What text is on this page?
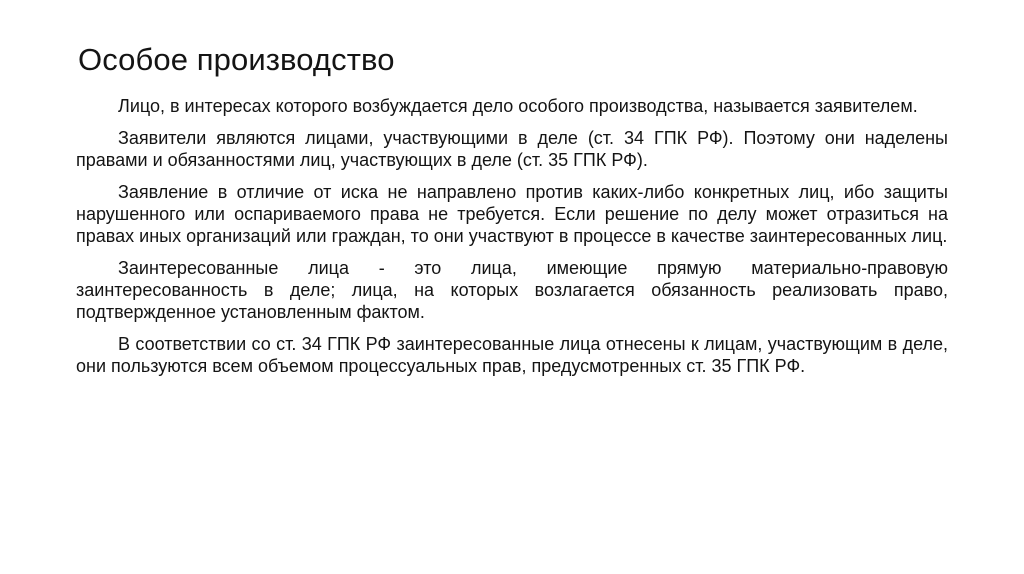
Особое производство

Лицо, в интересах которого возбуждается дело особого производства, называется заявителем.

Заявители являются лицами, участвующими в деле (ст. 34 ГПК РФ). Поэтому они наделены правами и обязанностями лиц, участвующих в деле (ст. 35 ГПК РФ).

Заявление в отличие от иска не направлено против каких-либо конкретных лиц, ибо защиты нарушенного или оспариваемого права не требуется. Если решение по делу может отразиться на правах иных организаций или граждан, то они участвуют в процессе в качестве заинтересованных лиц.

Заинтересованные лица - это лица, имеющие прямую материально-правовую заинтересованность в деле; лица, на которых возлагается обязанность реализовать право, подтвержденное установленным фактом.

В соответствии со ст. 34 ГПК РФ заинтересованные лица отнесены к лицам, участвующим в деле, они пользуются всем объемом процессуальных прав, предусмотренных ст. 35 ГПК РФ.
